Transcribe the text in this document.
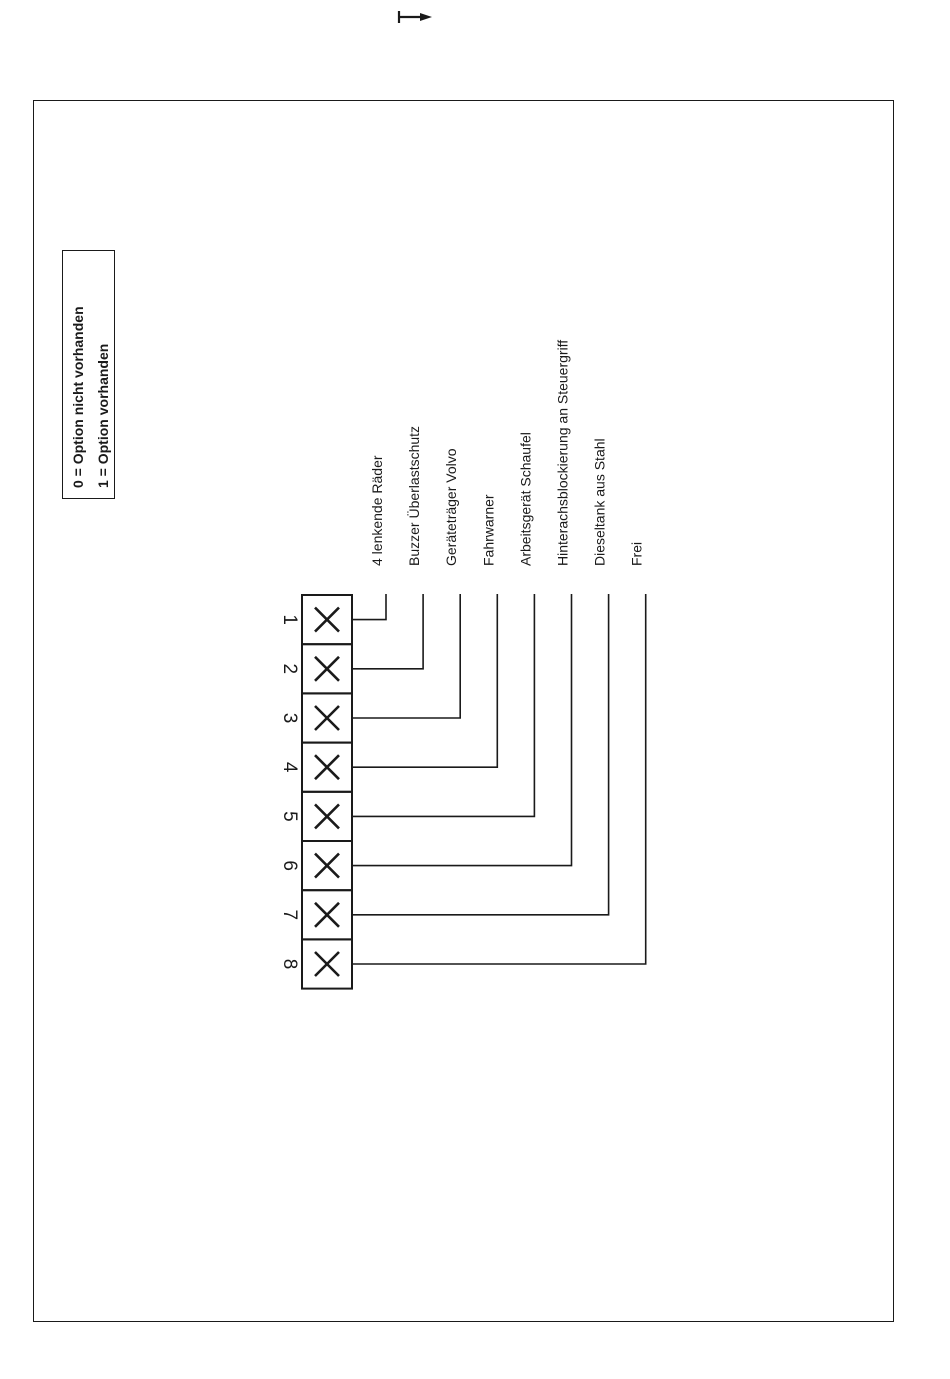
0 = Option nicht vorhanden 1 = Option vorhanden
1
4 lenkende Räder
2
Buzzer Überlastschutz
3
Geräteträger Volvo
4
Fahrwarner
5
Arbeitsgerät Schaufel
6
Hinterachsblockierung an Steuergriff
7
Dieseltank aus Stahl
8
Frei
